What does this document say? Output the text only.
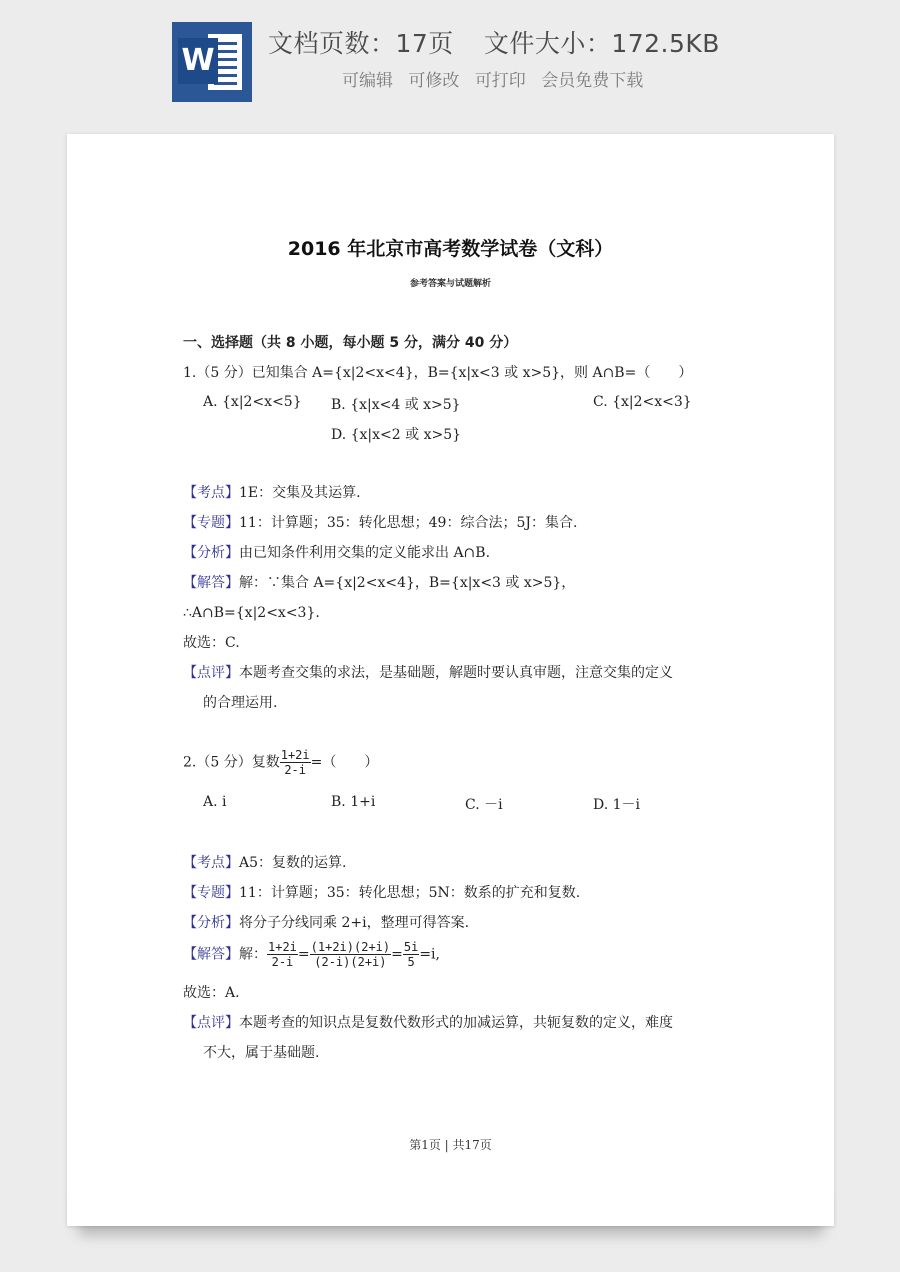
W 文档页数：17页 文件大小：172.5KB
可编辑 可修改 可打印 会员免费下载
2016 年北京市高考数学试卷（文科）
参考答案与试题解析
一、选择题（共 8 小题，每小题 5 分，满分 40 分）
1.（5 分）已知集合 A={x|2<x<4}，B={x|x<3 或 x>5}，则 A∩B=（　　）
A. {x|2<x<5} B. {x|x<4 或 x>5}	C. {x|2<x<3}
D. {x|x<2 或 x>5}
【考点】1E：交集及其运算.
【专题】11：计算题；35：转化思想；49：综合法；5J：集合.
【分析】由已知条件利用交集的定义能求出 A∩B.
【解答】解：∵集合 A={x|2<x<4}，B={x|x<3 或 x>5}，
∴A∩B={x|2<x<3}.
故选：C.
【点评】本题考查交集的求法，是基础题，解题时要认真审题，注意交集的定义
的合理运用.
2.（5 分）复数 $\frac{1+2i}{2-i}$ =（　　）
A. i	B. 1+i	C. －i	D. 1－i
【考点】A5：复数的运算.
【专题】11：计算题；35：转化思想；5N：数系的扩充和复数.
【分析】将分子分线同乘 2+i，整理可得答案.
【解答】解： $\frac{1+2i}{2-i} = \frac{(1+2i)(2+i)}{(2-i)(2+i)} = \frac{5i}{5} =i$,
故选：A.
【点评】本题考查的知识点是复数代数形式的加减运算，共轭复数的定义，难度
不大，属于基础题.
第1页 | 共17页
